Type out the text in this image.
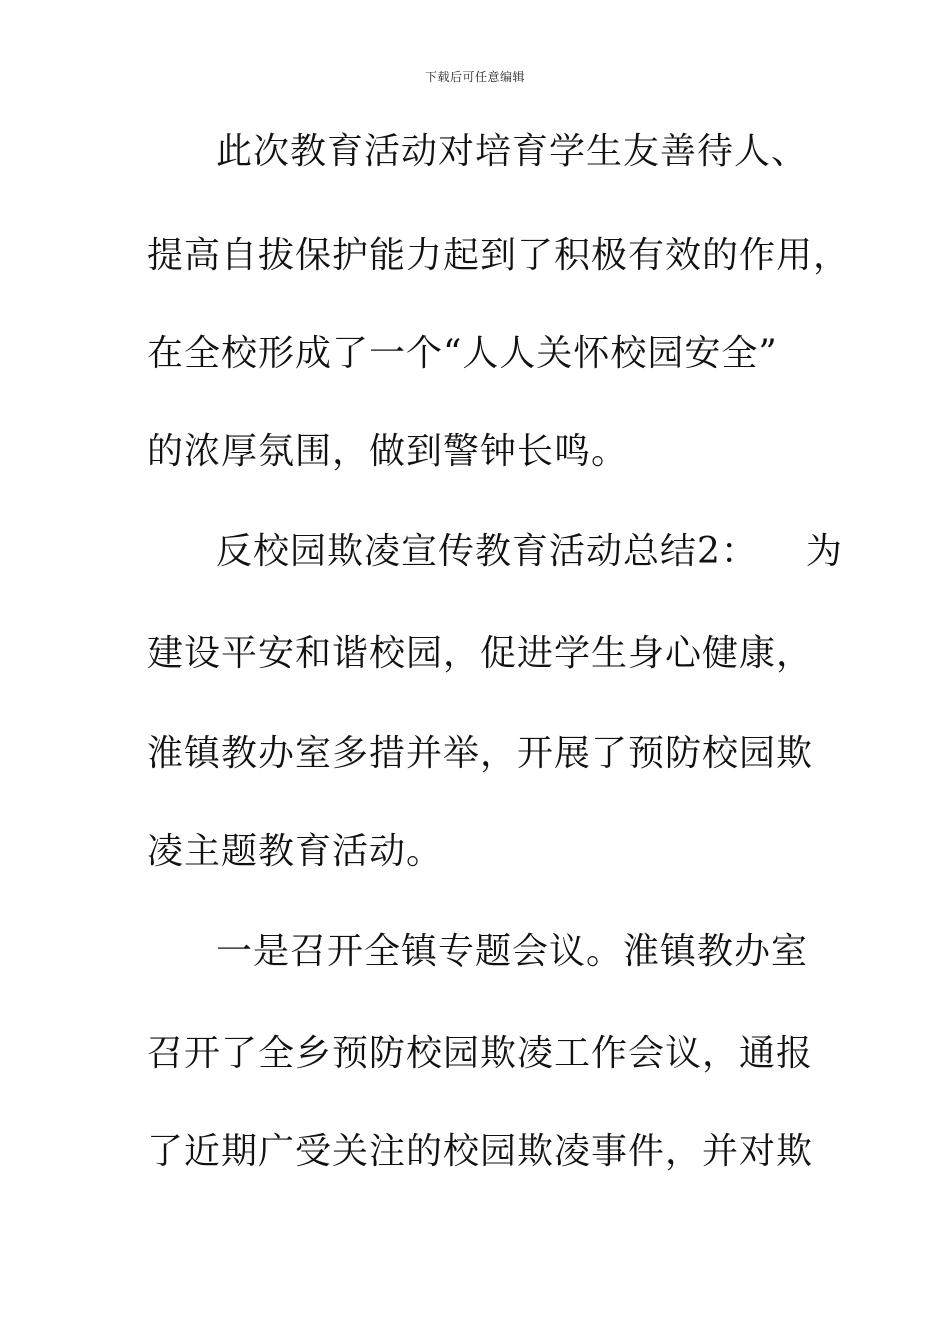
下载后可任意编辑
此次教育活动对培育学生友善待人、
提高自拔保护能力起到了积极有效的作用，
在全校形成了一个“人人关怀校园安全”
的浓厚氛围，做到警钟长鸣。
反校园欺凌宣传教育活动总结2： 为
建设平安和谐校园，促进学生身心健康，
淮镇教办室多措并举，开展了预防校园欺
凌主题教育活动。
一是召开全镇专题会议。淮镇教办室
召开了全乡预防校园欺凌工作会议，通报
了近期广受关注的校园欺凌事件，并对欺
